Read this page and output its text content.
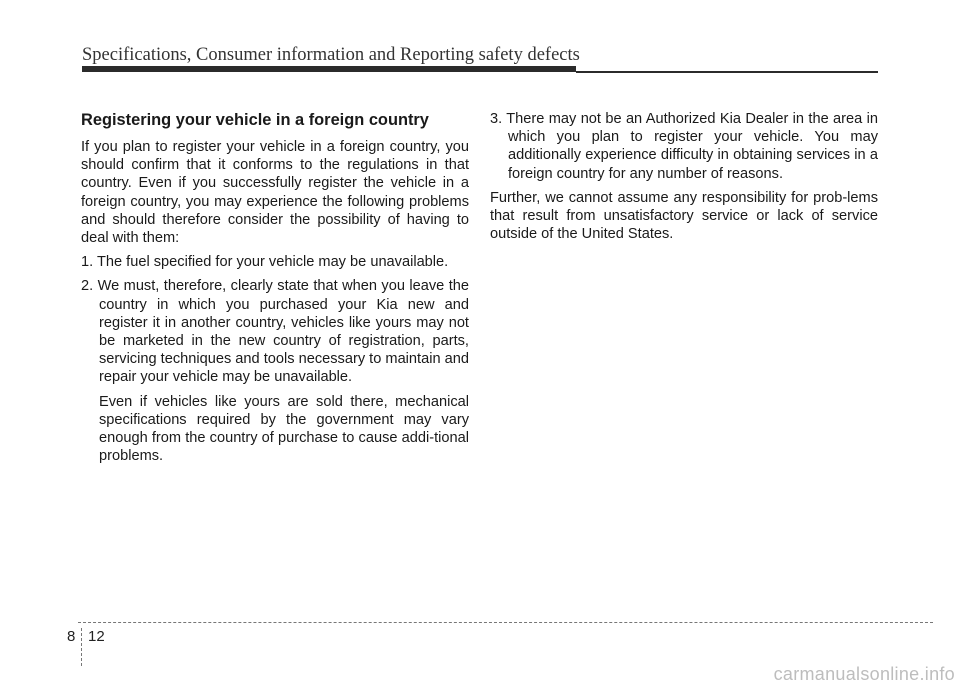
Specifications, Consumer information and Reporting safety defects
Registering your vehicle in a foreign country

If you plan to register your vehicle in a foreign country, you should confirm that it conforms to the regulations in that country. Even if you successfully register the vehicle in a foreign country, you may experience the following problems and should therefore consider the possibility of having to deal with them:

1. The fuel specified for your vehicle may be unavailable.

2. We must, therefore, clearly state that when you leave the country in which you purchased your Kia new and register it in another country, vehicles like yours may not be marketed in the new country of registration, parts, servicing techniques and tools necessary to maintain and repair your vehicle may be unavailable.

Even if vehicles like yours are sold there, mechanical specifications required by the government may vary enough from the country of purchase to cause addi-tional problems.

3. There may not be an Authorized Kia Dealer in the area in which you plan to register your vehicle. You may additionally experience difficulty in obtaining services in a foreign country for any number of reasons.

Further, we cannot assume any responsibility for prob-lems that result from unsatisfactory service or lack of service outside of the United States.

8 12
carmanualsonline.info
